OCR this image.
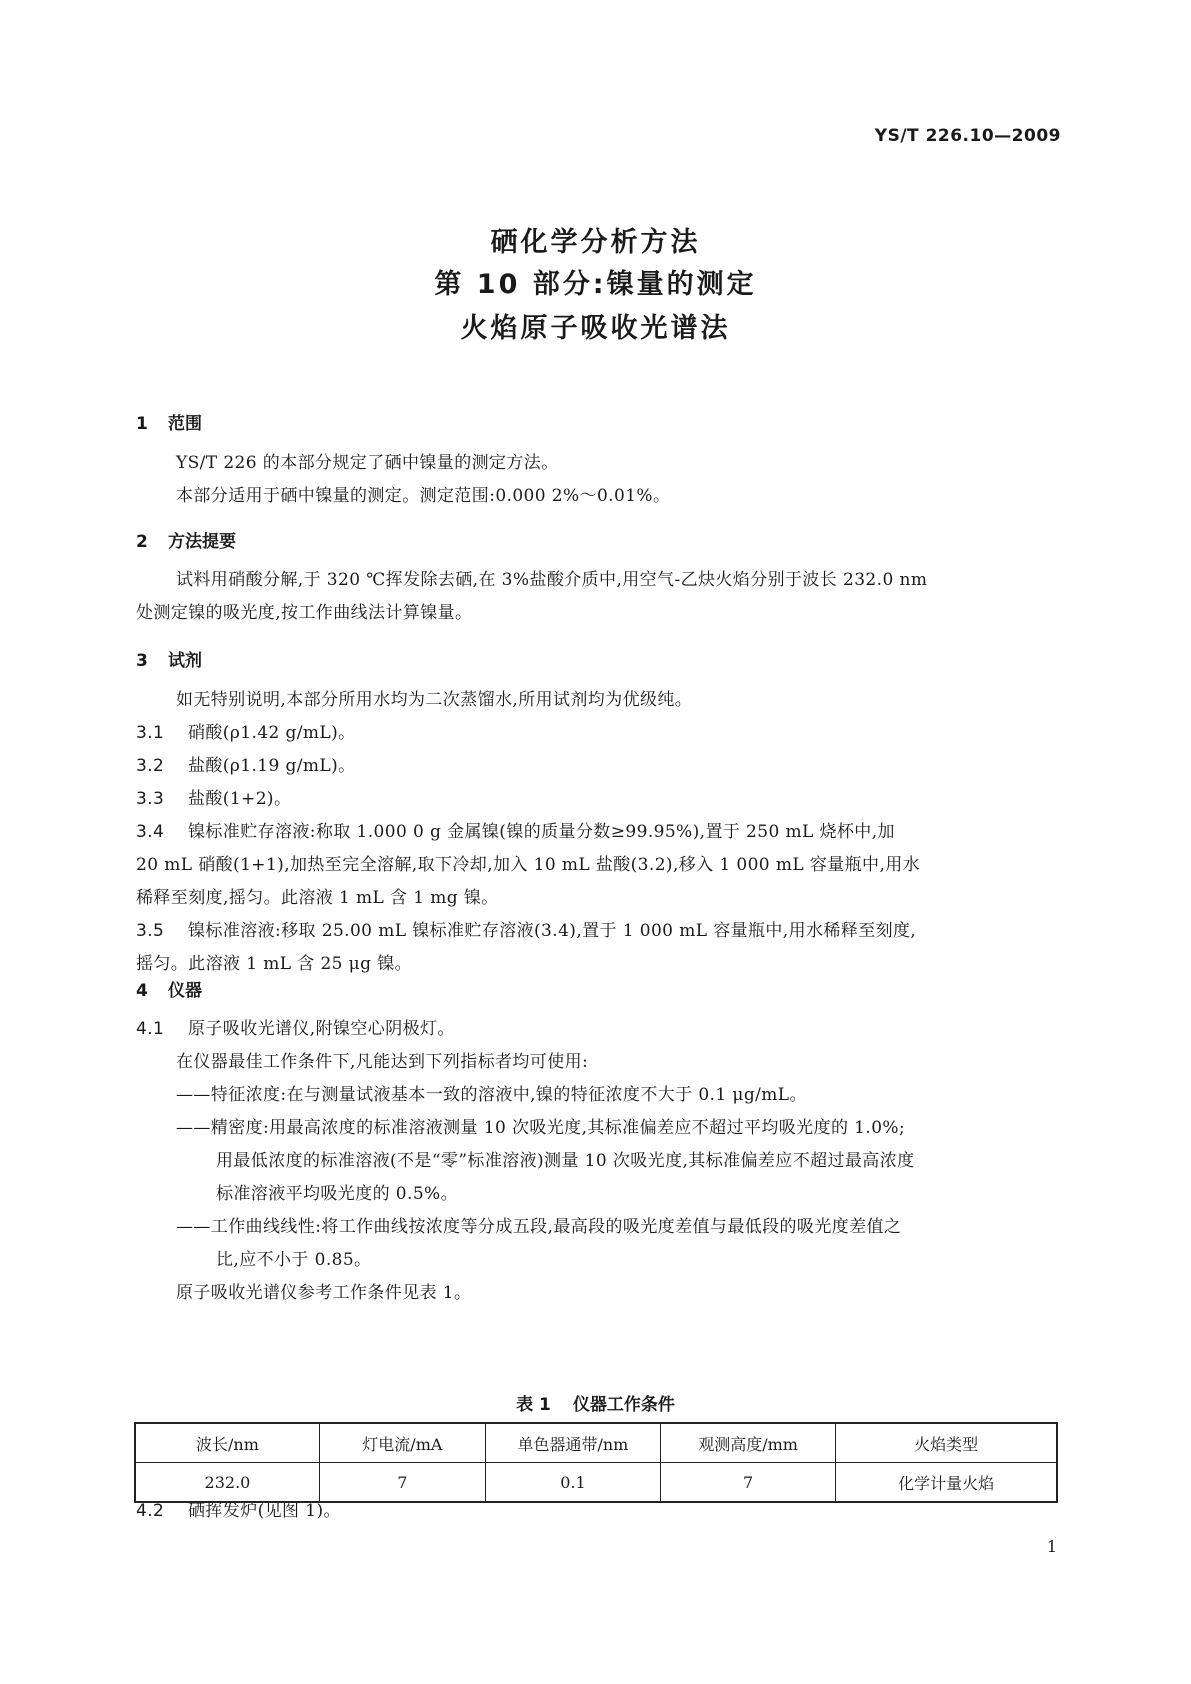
YS/T 226.10—2009
硒化学分析方法
第 10 部分:镍量的测定
火焰原子吸收光谱法
1 范围
YS/T 226 的本部分规定了硒中镍量的测定方法。
本部分适用于硒中镍量的测定。测定范围:0.000 2%～0.01%。
2 方法提要
试料用硝酸分解,于 320 ℃挥发除去硒,在 3%盐酸介质中,用空气-乙炔火焰分别于波长 232.0 nm
处测定镍的吸光度,按工作曲线法计算镍量。
3 试剂
如无特别说明,本部分所用水均为二次蒸馏水,所用试剂均为优级纯。
3.1 硝酸(ρ1.42 g/mL)。
3.2 盐酸(ρ1.19 g/mL)。
3.3 盐酸(1+2)。
3.4 镍标准贮存溶液:称取 1.000 0 g 金属镍(镍的质量分数≥99.95%),置于 250 mL 烧杯中,加
20 mL 硝酸(1+1),加热至完全溶解,取下冷却,加入 10 mL 盐酸(3.2),移入 1 000 mL 容量瓶中,用水
稀释至刻度,摇匀。此溶液 1 mL 含 1 mg 镍。
3.5 镍标准溶液:移取 25.00 mL 镍标准贮存溶液(3.4),置于 1 000 mL 容量瓶中,用水稀释至刻度,
摇匀。此溶液 1 mL 含 25 μg 镍。
4 仪器
4.1 原子吸收光谱仪,附镍空心阴极灯。
在仪器最佳工作条件下,凡能达到下列指标者均可使用:
——特征浓度:在与测量试液基本一致的溶液中,镍的特征浓度不大于 0.1 μg/mL。
——精密度:用最高浓度的标准溶液测量 10 次吸光度,其标准偏差应不超过平均吸光度的 1.0%;
用最低浓度的标准溶液(不是“零”标准溶液)测量 10 次吸光度,其标准偏差应不超过最高浓度
标准溶液平均吸光度的 0.5%。
——工作曲线线性:将工作曲线按浓度等分成五段,最高段的吸光度差值与最低段的吸光度差值之
比,应不小于 0.85。
原子吸收光谱仪参考工作条件见表 1。
表 1 仪器工作条件
波长/nm	灯电流/mA	单色器通带/nm	观测高度/mm	火焰类型
232.0	7	0.1	7	化学计量火焰
4.2 硒挥发炉(见图 1)。
1
